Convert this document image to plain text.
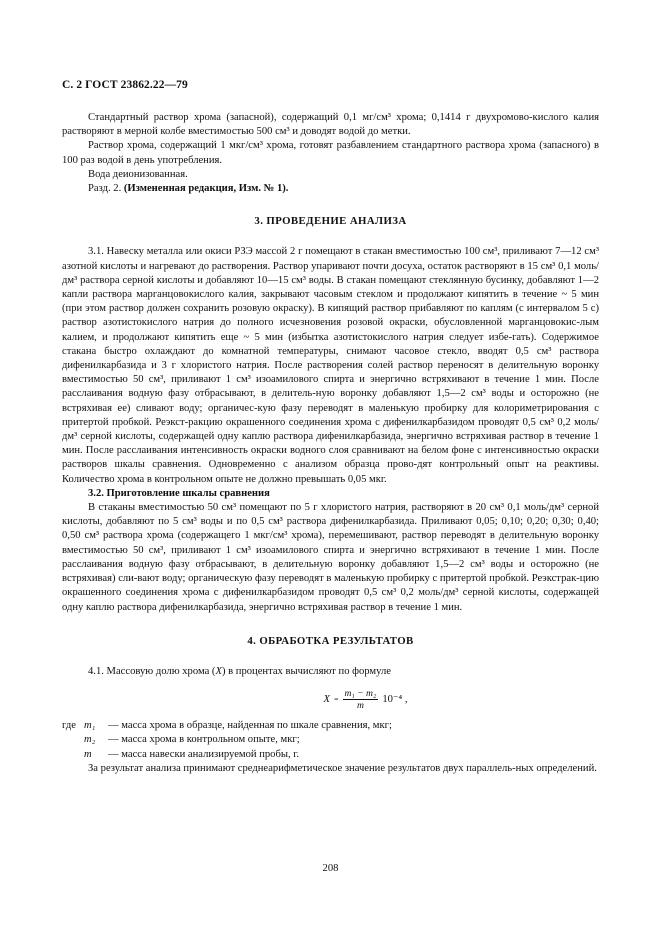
С. 2 ГОСТ 23862.22—79

Стандартный раствор хрома (запасной), содержащий 0,1 мг/см³ хрома; 0,1414 г двухромово-кислого калия растворяют в мерной колбе вместимостью 500 см³ и доводят водой до метки.

Раствор хрома, содержащий 1 мкг/см³ хрома, готовят разбавлением стандартного раствора хрома (запасного) в 100 раз водой в день употребления.

Вода деионизованная.

Разд. 2. (Измененная редакция, Изм. № 1).

3. ПРОВЕДЕНИЕ АНАЛИЗА

3.1. Навеску металла или окиси РЗЭ массой 2 г помещают в стакан вместимостью 100 см³, приливают 7—12 см³ азотной кислоты и нагревают до растворения. Раствор упаривают почти досуха, остаток растворяют в 15 см³ 0,1 моль/дм³ раствора серной кислоты и добавляют 10—15 см³ воды. В стакан помещают стеклянную бусинку, добавляют 1—2 капли раствора марганцовокислого калия, закрывают часовым стеклом и продолжают кипятить в течение ~ 5 мин (при этом раствор должен сохранить розовую окраску). В кипящий раствор прибавляют по каплям (с интервалом 5 с) раствор азотистокислого натрия до полного исчезновения розовой окраски, обусловленной марганцовокис-лым калием, и продолжают кипятить еще ~ 5 мин (избытка азотистокислого натрия следует избе-гать). Содержимое стакана быстро охлаждают до комнатной температуры, снимают часовое стекло, вводят 0,5 см³ раствора дифенилкарбазида и 3 г хлористого натрия. После растворения солей раствор переносят в делительную воронку вместимостью 50 см³, приливают 1 см³ изоамилового спирта и энергично встряхивают в течение 1 мин. После расслаивания водную фазу отбрасывают, в делитель-ную воронку добавляют 1,5—2 см³ воды и осторожно (не встряхивая ее) сливают воду; органичес-кую фазу переводят в маленькую пробирку для колориметрирования с притертой пробкой. Реэкст-ракцию окрашенного соединения хрома с дифенилкарбазидом проводят 0,5 см³ 0,2 моль/дм³ серной кислоты, содержащей одну каплю раствора дифенилкарбазида, энергично встряхивая раствор в течение 1 мин. После расслаивания интенсивность окраски водного слоя сравнивают на белом фоне с интенсивностью окраски растворов шкалы сравнения. Одновременно с анализом образца прово-дят контрольный опыт на реактивы. Количество хрома в контрольном опыте не должно превышать 0,05 мкг.

3.2. Приготовление шкалы сравнения

В стаканы вместимостью 50 см³ помещают по 5 г хлористого натрия, растворяют в 20 см³ 0,1 моль/дм³ серной кислоты, добавляют по 5 см³ воды и по 0,5 см³ раствора дифенилкарбазида. Приливают 0,05; 0,10; 0,20; 0,30; 0,40; 0,50 см³ раствора хрома (содержащего 1 мкг/см³ хрома), перемешивают, раствор переводят в делительную воронку вместимостью 50 см³, приливают 1 см³ изоамилового спирта и энергично встряхивают в течение 1 мин. После расслаивания водную фазу отбрасывают, в делительную воронку добавляют 1,5—2 см³ воды и осторожно (не встряхивая) сли-вают воду; органическую фазу переводят в маленькую пробирку с притертой пробкой. Реэкстрак-цию окрашенного соединения хрома с дифенилкарбазидом проводят 0,5 см³ 0,2 моль/дм³ серной кислоты, содержащей одну каплю раствора дифенилкарбазида, энергично встряхивая раствор в течение 1 мин.

4. ОБРАБОТКА РЕЗУЛЬТАТОВ

4.1. Массовую долю хрома (X) в процентах вычисляют по формуле

$X = \frac{\text{m₁ − m₂}}{m} 10^{-4}$ ,
где m₁	— масса хрома в образце, найденная по шкале сравнения, мкг;
m₂	— масса хрома в контрольном опыте, мкг;
m	— масса навески анализируемой пробы, г.

За результат анализа принимают среднеарифметическое значение результатов двух параллель-ных определений.

208
